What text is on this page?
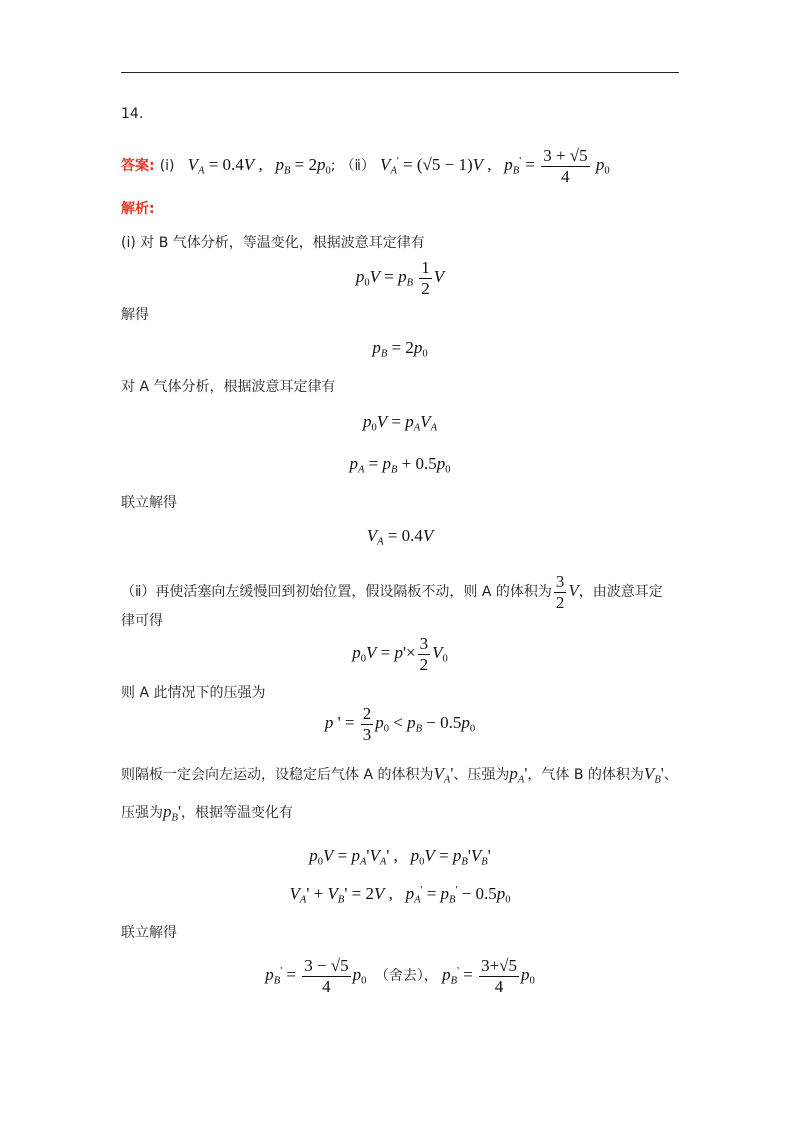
14.
答案: (i) $V_A = 0.4V$ ,   $p_B = 2p_0$; （ⅱ） $V_A' = (√5 - 1)V$ ,   $p_B' = \frac{3 + √5}{4} p_0$
解析:
(i) 对 B 气体分析，等温变化，根据波意耳定律有
$p_0V = p_B \frac{1}{2}$ V
解得
$p_B = 2p_0$
对 A 气体分析，根据波意耳定律有
$p_0V = p_AV_A$
$p_A = p_B + 0.5p_0$
联立解得
$V_A = 0.4V$
（ⅱ）再使活塞向左缓慢回到初始位置，假设隔板不动，则 A 的体积为 $\frac{3}{2}$ V，由波意耳定
律可得
$p_0V = p'\times \frac{3}{2} V_0$
则 A 此情况下的压强为
p ' = $\frac{2}{3} p_0 < p_B - 0.5p_0$
则隔板一定会向左运动，设稳定后气体 A 的体积为$V_A'$、压强为$p_A'$，气体 B 的体积为$V_B'$、
压强为$p_B'$，根据等温变化有
$p_0V = p_A'V_A'$ ,   $p_0V = p_B'V_B'$
$V_A' + V_B' = 2V$ ,   $p_A' = p_B' - 0.5p_0$
联立解得
$p_B' = \frac{3 - √5}{4} p_0$ （舍去）， $p_B' = \frac{3+√5}{4} p_0$
